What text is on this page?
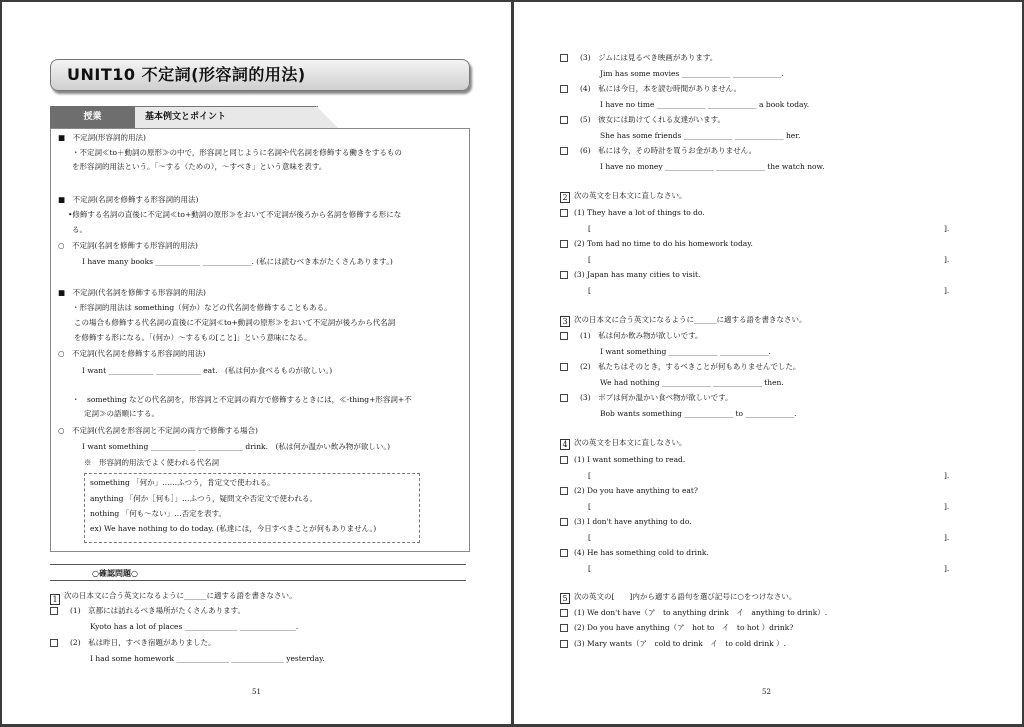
UNIT10 不定詞(形容詞的用法)
授業	基本例文とポイント
○確認問題○
1
■　不定詞(形容詞的用法)
・不定詞≪to＋動詞の原形≫の中で，形容詞と同じように名詞や代名詞を修飾する働きをするもの
を形容詞的用法という。「～する（ための），～すべき」という意味を表す。
■　不定詞(名詞を修飾する形容詞的用法)
•修飾する名詞の直後に不定詞≪to+動詞の原形≫をおいて不定詞が後ろから名詞を修飾する形にな
る。
○　不定詞(名詞を修飾する形容詞的用法)
I have many books ____________ _____________. (私には読むべき本がたくさんあります。)
■　不定詞(代名詞を修飾する形容詞的用法)
・形容詞的用法は something（何か）などの代名詞を修飾することもある。
この場合も修飾する代名詞の直後に不定詞≪to+動詞の原形≫をおいて不定詞が後ろから代名詞
を修飾する形になる。｢(何か）～するもの[こと]」という意味になる。
○　不定詞(代名詞を修飾する形容詞的用法)
I want ____________ ____________ eat.　(私は何か食べるものが欲しい。)
・　something などの代名詞を，形容詞と不定詞の両方で修飾するときには，≪-thing+形容詞+不
定詞≫の語順にする。
○　不定詞(代名詞を形容詞と不定詞の両方で修飾する場合)
I want something ____________ ____________ drink.　(私は何か温かい飲み物が欲しい。)
※　形容詞的用法でよく使われる代名詞
something 「何か」……ふつう，肯定文で使われる。
anything 「何か［何も］」…ふつう，疑問文や否定文で使われる。
nothing 「何も～ない」…否定を表す。
ex) We have nothing to do today. (私達には，今日すべきことが何もありません。)
次の日本文に合う英文になるように______に適する語を書きなさい。
(1)　京都には訪れるべき場所がたくさんあります。
Kyoto has a lot of places ______________ _______________.
(2)　私は昨日，すべき宿題がありました。
I had some homework ______________ ______________ yesterday.
51
(3)　ジムには見るべき映画があります。
Jim has some movies _____________ _____________.
(4)　私には今日，本を読む時間がありません。
I have no time _____________ _____________ a book today.
(5)　彼女には助けてくれる友達がいます。
She has some friends _____________ _____________ her.
(6)　私には今，その時計を買うお金がありません。
I have no money _____________ _____________ the watch now.
次の英文を日本文に直しなさい。
(1) They have a lot of things to do.
(2) Tom had no time to do his homework today.
(3) Japan has many cities to visit.
次の日本文に合う英文になるように______に適する語を書きなさい。
(1)　私は何か飲み物が欲しいです。
I want something _____________ _____________.
(2)　私たちはそのとき，するべきことが何もありませんでした。
We had nothing _____________ _____________ then.
(3)　ボブは何か温かい食べ物が欲しいです。
Bob wants something _____________ to _____________.
次の英文を日本文に直しなさい。
(1) I want something to read.
(2) Do you have anything to eat?
(3) I don't have anything to do.
(4) He has something cold to drink.
次の英文の[　　]内から適する語句を選び記号に○をつけなさい。
(1) We don't have（ア　to anything drink　イ　anything to drink）.
(2) Do you have anything（ア　hot to　イ　to hot ）drink?
(3) Mary wants（ア　cold to drink　イ　to cold drink ）.
2
3
4
5
[	].
[	].
[	].
[	].
[	].
[	].
[	].
52
